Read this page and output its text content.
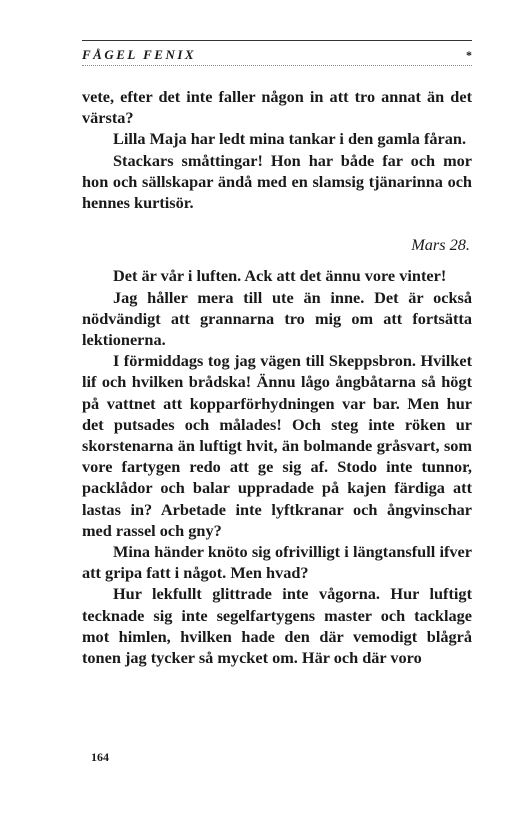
FÅGEL FENIX	*

vete, efter det inte faller någon in att tro annat än det värsta?

Lilla Maja har ledt mina tankar i den gamla fåran.

Stackars småttingar! Hon har både far och mor hon och sällskapar ändå med en slamsig tjänarinna och hennes kurtisör.

Mars 28.

Det är vår i luften. Ack att det ännu vore vinter!

Jag håller mera till ute än inne. Det är också nödvändigt att grannarna tro mig om att fortsätta lektionerna.

I förmiddags tog jag vägen till Skeppsbron. Hvilket lif och hvilken brådska! Ännu lågo ångbåtarna så högt på vattnet att kopparförhydningen var bar. Men hur det putsades och målades! Och steg inte röken ur skorstenarna än luftigt hvit, än bolmande gråsvart, som vore fartygen redo att ge sig af. Stodo inte tunnor, packlådor och balar uppradade på kajen färdiga att lastas in? Arbetade inte lyftkranar och ångvinschar med rassel och gny?

Mina händer knöto sig ofrivilligt i längtansfull ifver att gripa fatt i något. Men hvad?

Hur lekfullt glittrade inte vågorna. Hur luftigt tecknade sig inte segelfartygens master och tacklage mot himlen, hvilken hade den där vemodigt blågrå tonen jag tycker så mycket om. Här och där voro

164
